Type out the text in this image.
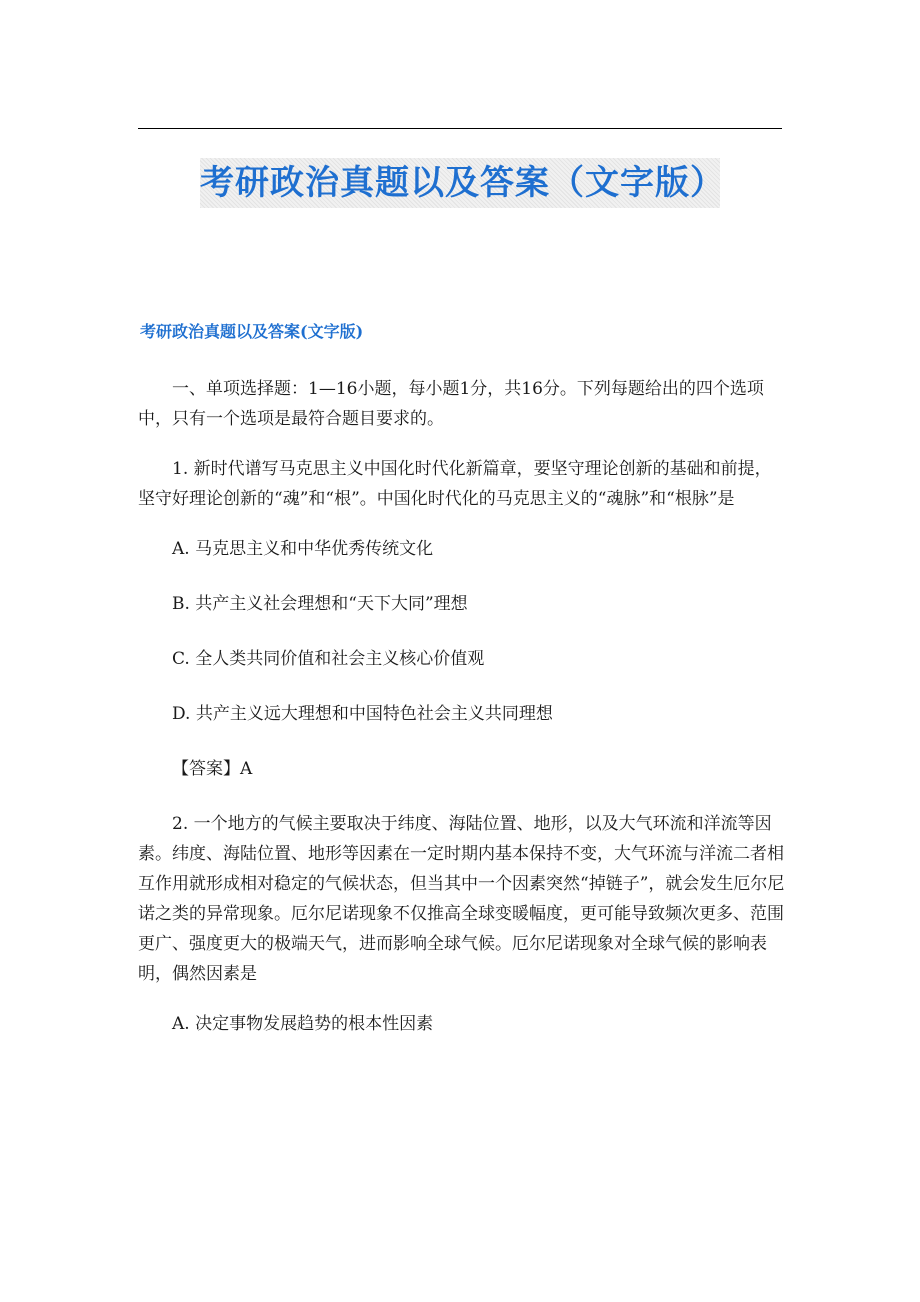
考研政治真题以及答案（文字版）
考研政治真题以及答案(文字版)

一、单项选择题：1—16小题，每小题1分，共16分。下列每题给出的四个选项中，只有一个选项是最符合题目要求的。

1. 新时代谱写马克思主义中国化时代化新篇章，要坚守理论创新的基础和前提，坚守好理论创新的“魂”和“根”。中国化时代化的马克思主义的“魂脉”和“根脉”是

A. 马克思主义和中华优秀传统文化

B. 共产主义社会理想和“天下大同”理想

C. 全人类共同价值和社会主义核心价值观

D. 共产主义远大理想和中国特色社会主义共同理想

【答案】A

2. 一个地方的气候主要取决于纬度、海陆位置、地形，以及大气环流和洋流等因素。纬度、海陆位置、地形等因素在一定时期内基本保持不变，大气环流与洋流二者相互作用就形成相对稳定的气候状态，但当其中一个因素突然“掉链子”，就会发生厄尔尼诺之类的异常现象。厄尔尼诺现象不仅推高全球变暖幅度，更可能导致频次更多、范围更广、强度更大的极端天气，进而影响全球气候。厄尔尼诺现象对全球气候的影响表明，偶然因素是

A. 决定事物发展趋势的根本性因素
